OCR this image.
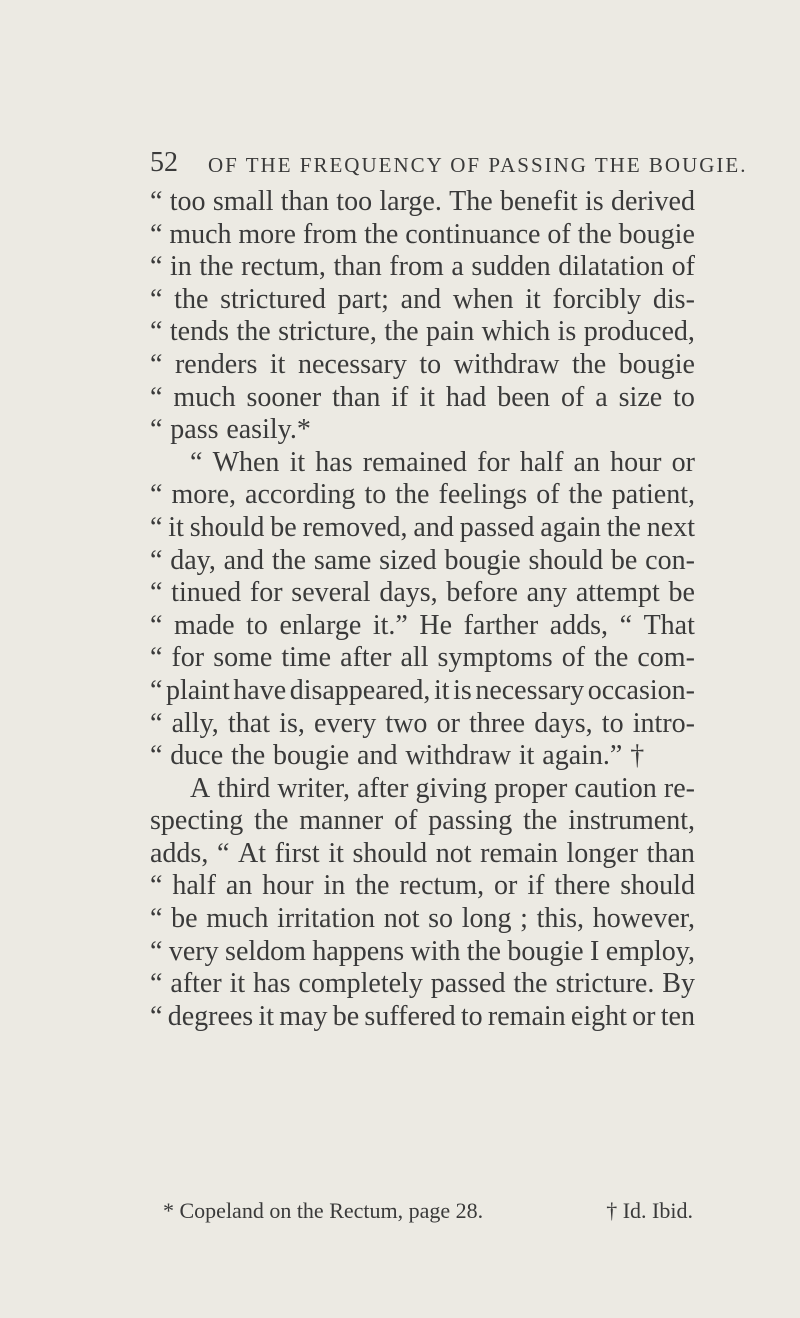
52 OF THE FREQUENCY OF PASSING THE BOUGIE.
“ too small than too large. The benefit is derived
“ much more from the continuance of the bougie
“ in the rectum, than from a sudden dilatation of
“ the strictured part; and when it forcibly dis-
“ tends the stricture, the pain which is produced,
“ renders it necessary to withdraw the bougie
“ much sooner than if it had been of a size to
“ pass easily.*
“ When it has remained for half an hour or
“ more, according to the feelings of the patient,
“ it should be removed, and passed again the next
“ day, and the same sized bougie should be con-
“ tinued for several days, before any attempt be
“ made to enlarge it.” He farther adds, “ That
“ for some time after all symptoms of the com-
“ plaint have disappeared, it is necessary occasion-
“ ally, that is, every two or three days, to intro-
“ duce the bougie and withdraw it again.” †
A third writer, after giving proper caution re-
specting the manner of passing the instrument,
adds, “ At first it should not remain longer than
“ half an hour in the rectum, or if there should
“ be much irritation not so long ; this, however,
“ very seldom happens with the bougie I employ,
“ after it has completely passed the stricture. By
“ degrees it may be suffered to remain eight or ten
* Copeland on the Rectum, page 28.	† Id. Ibid.
